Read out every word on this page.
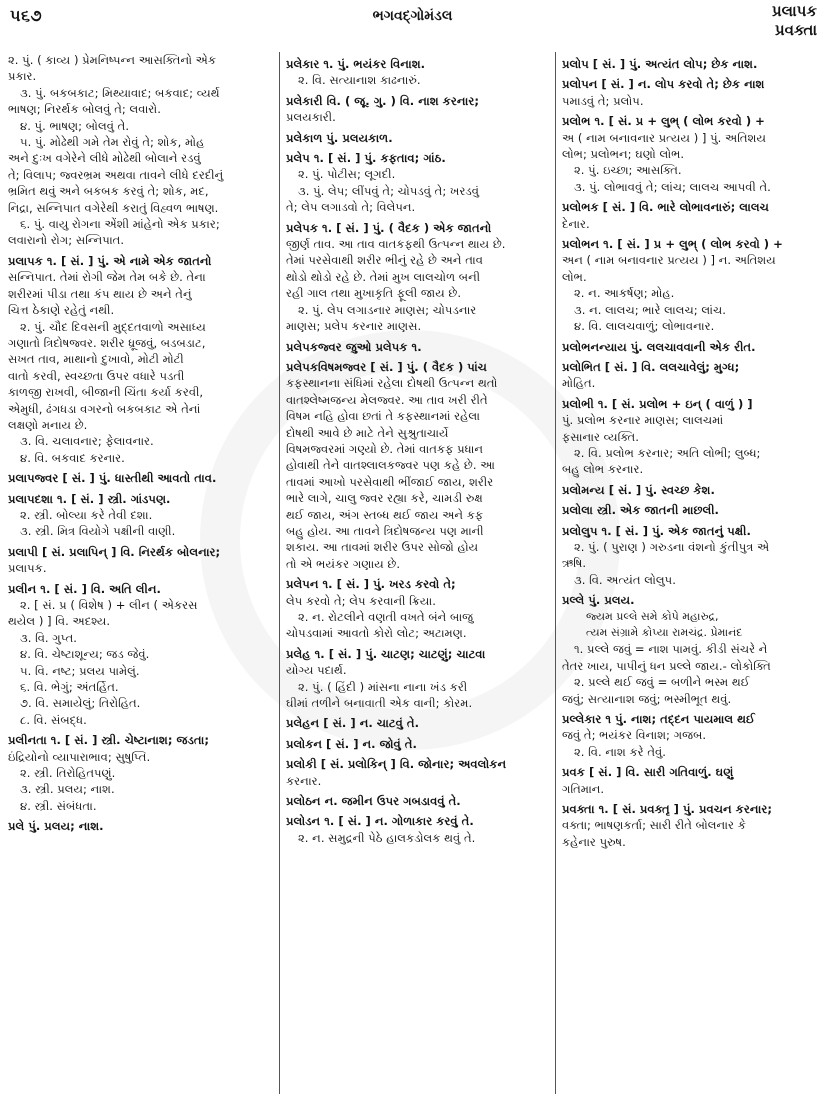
૫૬૭	ભગવદ્ગોમંડલ	પ્રલાપક
પ્રવક્તા
૨. પું. ( કાવ્ય ) પ્રેમનિષ્પન્ન આસક્તિનો એક
પ્રકાર.
૩. પું. બકબકાટ; મિથ્યાવાદ; બકવાદ; વ્યર્થ
ભાષણ; નિરર્થક બોલવું તે; લવારો.
૪. પું. ભાષણ; બોલવું તે.
૫. પું. મોઢેથી ગમે તેમ રોવું તે; શોક, મોહ
અને દુઃખ વગેરેને લીધે મોઢેથી બોલાને રડવું
તે; વિલાપ; જ્વરભ્રમ અથવા તાવને લીધે દરદીનું
ભ્રમિત થવું અને બકબક કરવું તે; શોક, મદ,
નિદ્રા, સન્નિપાત વગેરેથી કરાતું વિહ્વળ ભાષણ.
૬. પું. વાયુ રોગના એંશી માંહેનો એક પ્રકાર;
લવારાનો રોગ; સન્નિપાત.
પ્રલાપક ૧. [ સં. ] પું. એ નામે એક જાતનો
સન્નિપાત. તેમાં રોગી જેમ તેમ બકે છે. તેના
શરીરમાં પીડા તથા કંપ થાય છે અને તેનું
ચિત્ત ઠેકાણે રહેતું નથી.
૨. પું. ચૌદ દિવસની મુદ્દતવાળો અસાધ્ય
ગણાતો ત્રિદોષજ્વર. શરીર ધ્રૂજવું, બડબડાટ,
સખત તાવ, માથાનો દુખાવો, મોટી મોટી
વાતો કરવી, સ્વચ્છતા ઉપર વધારે પડતી
કાળજી રાખવી, બીજાની ચિંતા કર્યા કરવી,
એમુધી, ઢંગધડા વગરનો બકબકાટ એ તેનાં
લક્ષણો મનાય છે.
૩. વિ. ચલાવનાર; ફેલાવનાર.
૪. વિ. બકવાદ કરનાર.
પ્રલાપજ્વર [ સં. ] પું. ધાસ્તીથી આવતો તાવ.
પ્રલાપદશા ૧. [ સં. ] સ્ત્રી. ગાંડપણ.
૨. સ્ત્રી. બોલ્યા કરે તેવી દશા.
૩. સ્ત્રી. મિત્ર વિયોગે પક્ષીની વાણી.
પ્રલાપી [ સં. પ્રલાપિન્ ] વિ. નિરર્થક બોલનાર;
પ્રલાપક.
પ્રલીન ૧. [ સં. ] વિ. અતિ લીન.
૨. [ સં. પ્ર ( વિશેષ ) + લીન ( એકરસ
થયેલ ) ] વિ. અદશ્ય.
૩. વિ. ગુપ્ત.
૪. વિ. ચેષ્ટાશૂન્ય; જડ જેવું.
૫. વિ. નષ્ટ; પ્રલય પામેલું.
૬. વિ. ભેગું; અંતર્હિત.
૭. વિ. સમાયેલું; તિરોહિત.
૮. વિ. સંબદ્ધ.
પ્રલીનતા ૧. [ સં. ] સ્ત્રી. ચેષ્ટાનાશ; જડતા;
ઇંદ્રિયોનો વ્યાપારાભાવ; સુષુપ્તિ.
૨. સ્ત્રી. તિરોહિતપણું.
૩. સ્ત્રી. પ્રલય; નાશ.
૪. સ્ત્રી. સંબંધતા.
પ્રલે પું. પ્રલય; નાશ.
પ્રલેકાર ૧. પું. ભયંકર વિનાશ.
૨. વિ. સત્યાનાશ કાઢનારું.
પ્રલેકારી વિ. ( જૂ. ગુ. ) વિ. નાશ કરનાર;
પ્રલયકારી.
પ્રલેકાળ પું. પ્રલયકાળ.
પ્રલેપ ૧. [ સં. ] પું. કફતાવ; ગાંઠ.
૨. પું. પોટીસ; લૂગદી.
૩. પું. લેપ; લીંપવું તે; ચોપડવું તે; ખરડવું
તે; લેપ લગાડવો તે; વિલેપન.
પ્રલેપક ૧. [ સં. ] પું. ( વૈદક ) એક જાતનો
જીર્ણ તાવ. આ તાવ વાતકફથી ઉત્પન્ન થાય છે.
તેમાં પરસેવાથી શરીર ભીનું રહે છે અને તાવ
થોડો થોડો રહે છે. તેમાં મુખ લાલચોળ બની
રહી ગાલ તથા મુખાકૃતિ ફૂલી જાય છે.
૨. પું. લેપ લગાડનાર માણસ; ચોપડનાર
માણસ; પ્રલેપ કરનાર માણસ.
પ્રલેપકજ્વર જુઓ પ્રલેપક ૧.
પ્રલેપકવિષમજ્વર [ સં. ] પું. ( વૈદક ) પાંચ
કફસ્થાનના સંધિમાં રહેલા દોષથી ઉત્પન્ન થતો
વાતશ્લેષ્મજન્ય મેલજ્વર. આ તાવ ખરી રીતે
વિષમ નહિ હોવા છતાં તે કફસ્થાનમાં રહેલા
દોષથી આવે છે માટે તેને સુશ્રુતાચાર્યે
વિષમજ્વરમાં ગણ્યો છે. તેમાં વાતકફ પ્રધાન
હોવાથી તેને વાતશ્લાલકજ્વર પણ કહે છે. આ
તાવમાં આખો પરસેવાથી ભીંજાઈ જાય, શરીર
ભારે લાગે, ચાલુ જ્વર રહ્યા કરે, ચામડી રુક્ષ
થઈ જાય, અંગ સ્તબ્ધ થઈ જાય અને કફ
બહુ હોય. આ તાવને ત્રિદોષજન્ય પણ માની
શકાય. આ તાવમાં શરીર ઉપર સોજો હોય
તો એ ભયંકર ગણાય છે.
પ્રલેપન ૧. [ સં. ] પું. ખરડ કરવો તે;
લેપ કરવો તે; લેપ કરવાની ક્રિયા.
૨. ન. રોટલીને વણતી વખતે બંને બાજુ
ચોપડવામાં આવતો કોરો લોટ; અટામણ.
પ્રલેહ ૧. [ સં. ] પું. ચાટણ; ચાટણું; ચાટવા
યોગ્ય પદાર્થ.
૨. પું. ( હિંદી ) માંસના નાના ખંડ કરી
ઘીમાં તળીને બનાવાતી એક વાની; કોરમ.
પ્રલેહન [ સં. ] ન. ચાટવું તે.
પ્રલોકન [ સં. ] ન. જોવું તે.
પ્રલોકી [ સં. પ્રલોકિન્ ] વિ. જોનાર; અવલોકન
કરનાર.
પ્રલોઠન ન. જમીન ઉપર ગબડાવવું તે.
પ્રલોડન ૧. [ સં. ] ન. ગોળાકાર કરવું તે.
૨. ન. સમુદ્રની પેઠે હાલકડોલક થવું તે.
પ્રલોપ [ સં. ] પું. અત્યંત લોપ; છેક નાશ.
પ્રલોપન [ સં. ] ન. લોપ કરવો તે; છેક નાશ
પમાડવું તે; પ્રલોપ.
પ્રલોભ ૧. [ સં. પ્ર + લુભ્ ( લોભ કરવો ) +
અ ( નામ બનાવનાર પ્રત્યય ) ] પું. અતિશય
લોભ; પ્રલોભન; ઘણો લોભ.
૨. પું. ઇચ્છા; આસક્તિ.
૩. પું. લોભાવવું તે; લાંચ; લાલચ આપવી તે.
પ્રલોભક [ સં. ] વિ. ભારે લોભાવનારું; લાલચ
દેનાર.
પ્રલોભન ૧. [ સં. ] પ્ર + લુભ્ ( લોભ કરવો ) +
અન ( નામ બનાવનાર પ્રત્યય ) ] ન. અતિશય
લોભ.
૨. ન. આકર્ષણ; મોહ.
૩. ન. લાલચ; ભારે લાલચ; લાંચ.
૪. વિ. લાલચવાળું; લોભાવનાર.
પ્રલોભનન્યાય પું. લલચાવવાની એક રીત.
પ્રલોભિત [ સં. ] વિ. લલચાવેલું; મુગ્ધ;
મોહિત.
પ્રલોભી ૧. [ સં. પ્રલોભ + ઇન્ ( વાળું ) ]
પું. પ્રલોભ કરનાર માણસ; લાલચમાં
ફસાનાર વ્યક્તિ.
૨. વિ. પ્રલોભ કરનાર; અતિ લોભી; લુબ્ધ;
બહુ લોભ કરનાર.
પ્રલોમન્ય [ સં. ] પું. સ્વચ્છ કેશ.
પ્રલોલા સ્ત્રી. એક જાતની માછલી.
પ્રલોલુપ ૧. [ સં. ] પું. એક જાતનું પક્ષી.
૨. પું. ( પુરાણ ) ગરુડના વંશનો કુંતીપુત્ર એ
ઋષિ.
૩. વિ. અત્યંત લોલુપ.
પ્રલ્લે પું. પ્રલય.
જ્યમ પ્રલ્લે સમે કોપે મહારુદ્ર,
ત્યમ સંગ્રામે કોપ્યા રામચંદ્ર. પ્રેમાનંદ
૧. પ્રલ્લે જવું = નાશ પામવું. કીડી સંચરે ને
તેતર ખાય, પાપીનું ધન પ્રલ્લે જાય.- લોકોક્તિ
૨. પ્રલ્લે થઈ જવું = બળીને ભસ્મ થઈ
જવું; સત્યાનાશ જવું; ભસ્મીભૂત થવું.
પ્રલ્લેકાર ૧ પું. નાશ; તદ્દન પાયમાલ થઈ
જવું તે; ભયંકર વિનાશ; ગજબ.
૨. વિ. નાશ કરે તેવું.
પ્રવક [ સં. ] વિ. સારી ગતિવાળું. ઘણું
ગતિમાન.
પ્રવક્તા ૧. [ સં. પ્રવક્તૃ ] પું. પ્રવચન કરનાર;
વક્તા; ભાષણકર્તા; સારી રીતે બોલનાર કે
કહેનાર પુરુષ.
